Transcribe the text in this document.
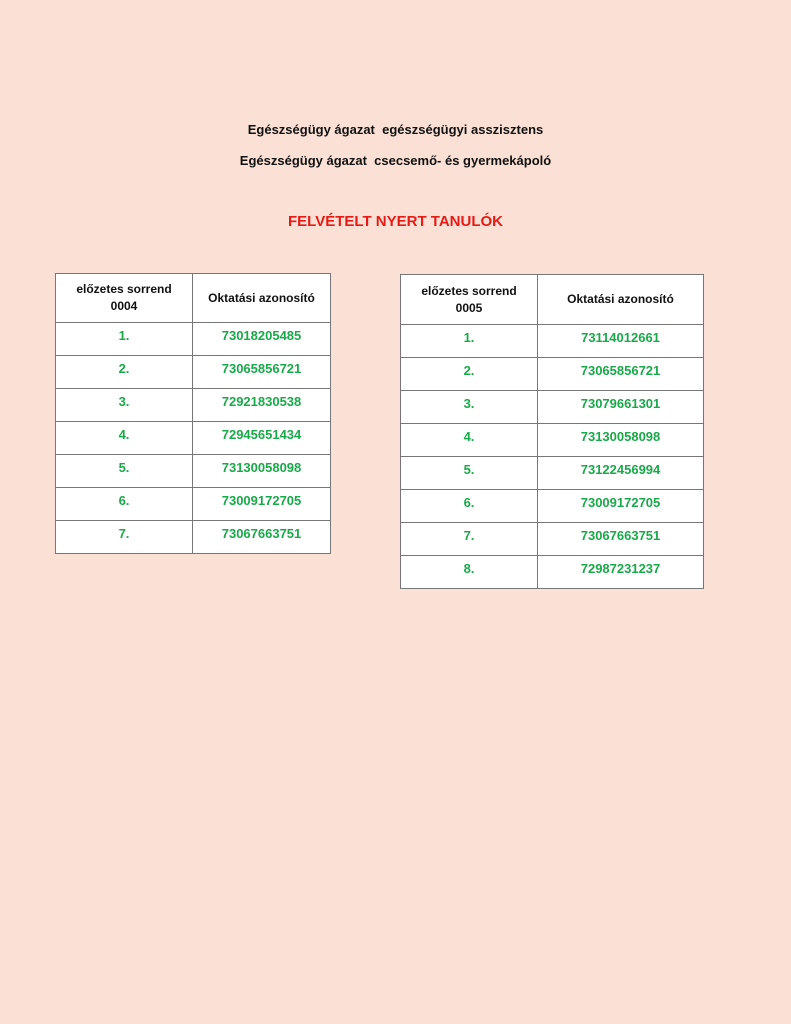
Egészségügy ágazat  egészségügyi asszisztens
Egészségügy ágazat  csecsemő- és gyermekápoló
FELVÉTELT NYERT TANULÓK
előzetes sorrend
0004	Oktatási azonosító
1.	73018205485
2.	73065856721
3.	72921830538
4.	72945651434
5.	73130058098
6.	73009172705
7.	73067663751
előzetes sorrend
0005	Oktatási azonosító
1.	73114012661
2.	73065856721
3.	73079661301
4.	73130058098
5.	73122456994
6.	73009172705
7.	73067663751
8.	72987231237
